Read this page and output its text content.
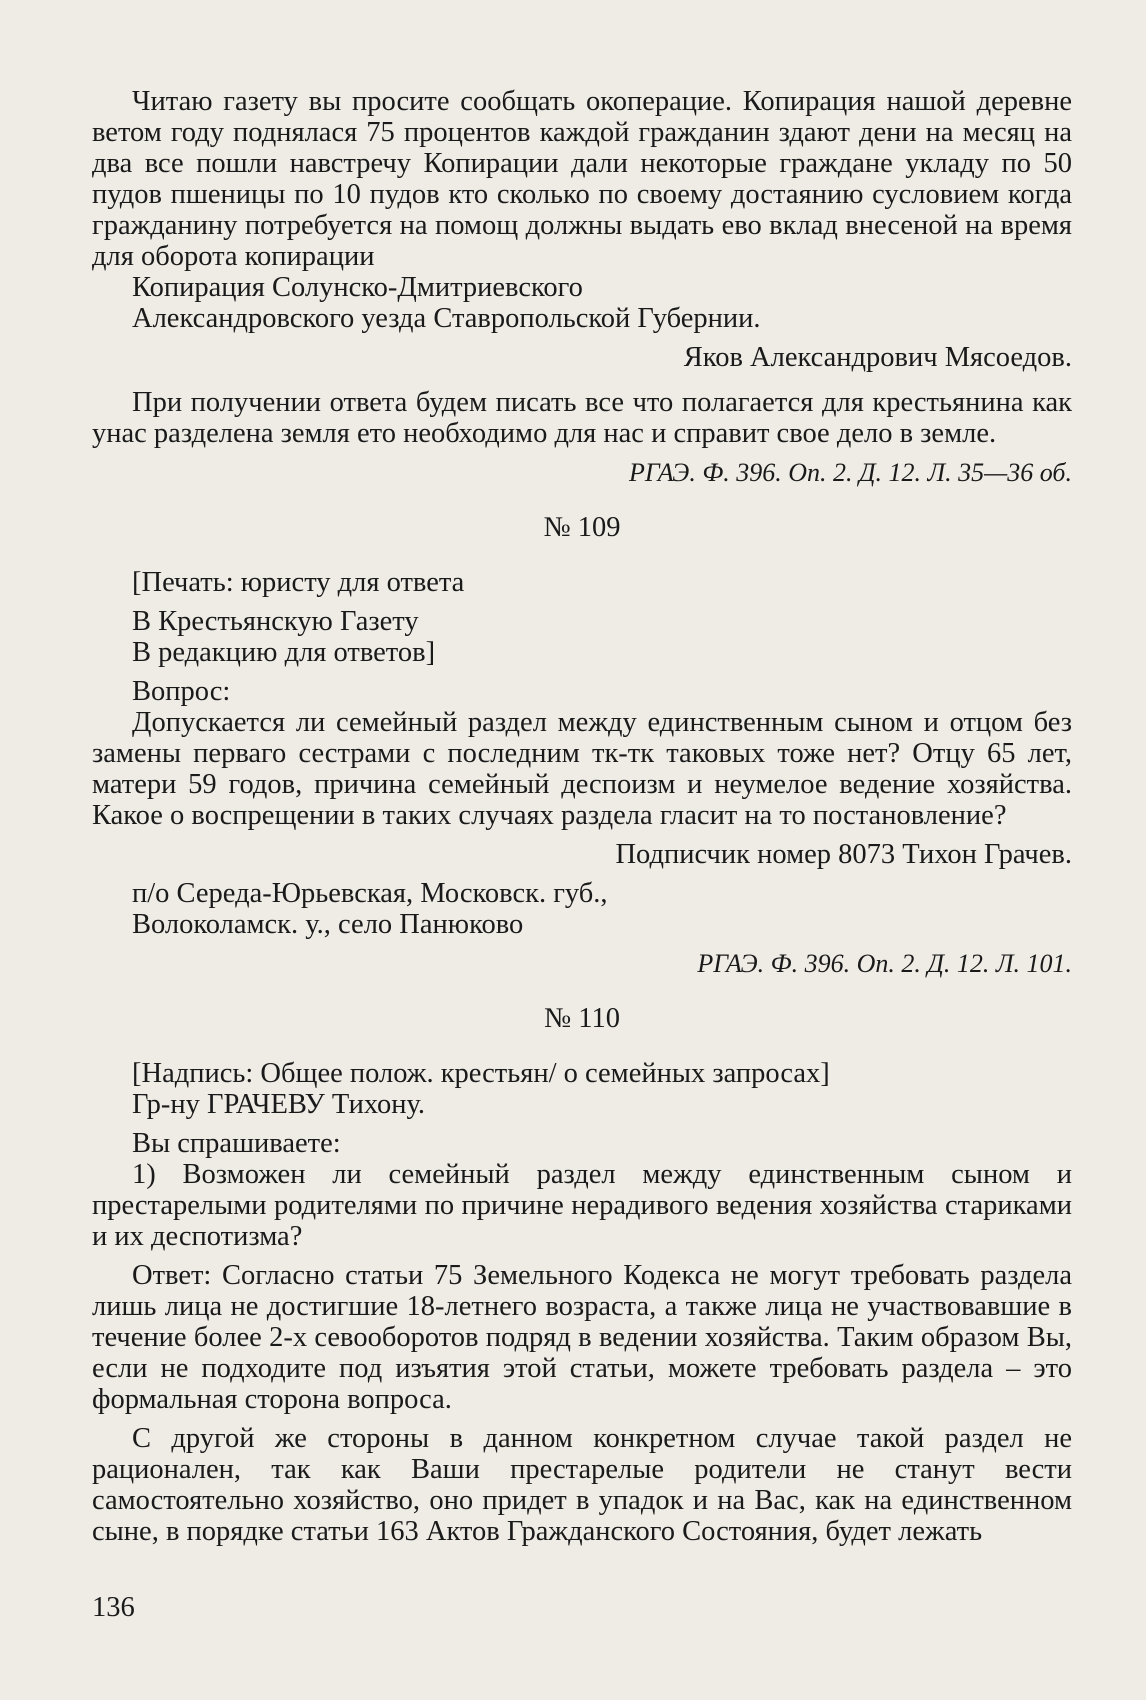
Читаю газету вы просите сообщать окоперацие. Копирация нашой деревне ветом году поднялася 75 процентов каждой гражданин здают дени на месяц на два все пошли навстречу Копирации дали некоторые граждане укладу по 50 пудов пшеницы по 10 пудов кто сколько по своему достаянию сусловием когда гражданину потребуется на помощ должны выдать ево вклад внесеной на время для оборота копирации

Копирация Солунско-Дмитриевского

Александровского уезда Ставропольской Губернии.

Яков Александрович Мясоедов.

При получении ответа будем писать все что полагается для крестьянина как унас разделена земля ето необходимо для нас и справит свое дело в земле.

РГАЭ. Ф. 396. Оп. 2. Д. 12. Л. 35—36 об.

№ 109

[Печать: юристу для ответа

В Крестьянскую Газету

В редакцию для ответов]

Вопрос:

Допускается ли семейный раздел между единственным сыном и отцом без замены перваго сестрами с последним тк-тк таковых тоже нет? Отцу 65 лет, матери 59 годов, причина семейный деспоизм и неумелое ведение хозяйства. Какое о воспрещении в таких случаях раздела гласит на то постановление?

Подписчик номер 8073 Тихон Грачев.

п/о Середа-Юрьевская, Московск. губ.,

Волоколамск. у., село Панюково

РГАЭ. Ф. 396. Оп. 2. Д. 12. Л. 101.

№ 110

[Надпись: Общее полож. крестьян/ о семейных запросах]

Гр-ну ГРАЧЕВУ Тихону.

Вы спрашиваете:

1) Возможен ли семейный раздел между единственным сыном и престарелыми родителями по причине нерадивого ведения хозяйства стариками и их деспотизма?

Ответ: Согласно статьи 75 Земельного Кодекса не могут требовать раздела лишь лица не достигшие 18-летнего возраста, а также лица не участвовавшие в течение более 2-х севооборотов подряд в ведении хозяйства. Таким образом Вы, если не подходите под изъятия этой статьи, можете требовать раздела – это формальная сторона вопроса.

С другой же стороны в данном конкретном случае такой раздел не рационален, так как Ваши престарелые родители не станут вести самостоятельно хозяйство, оно придет в упадок и на Вас, как на единственном сыне, в порядке статьи 163 Актов Гражданского Состояния, будет лежать

136
